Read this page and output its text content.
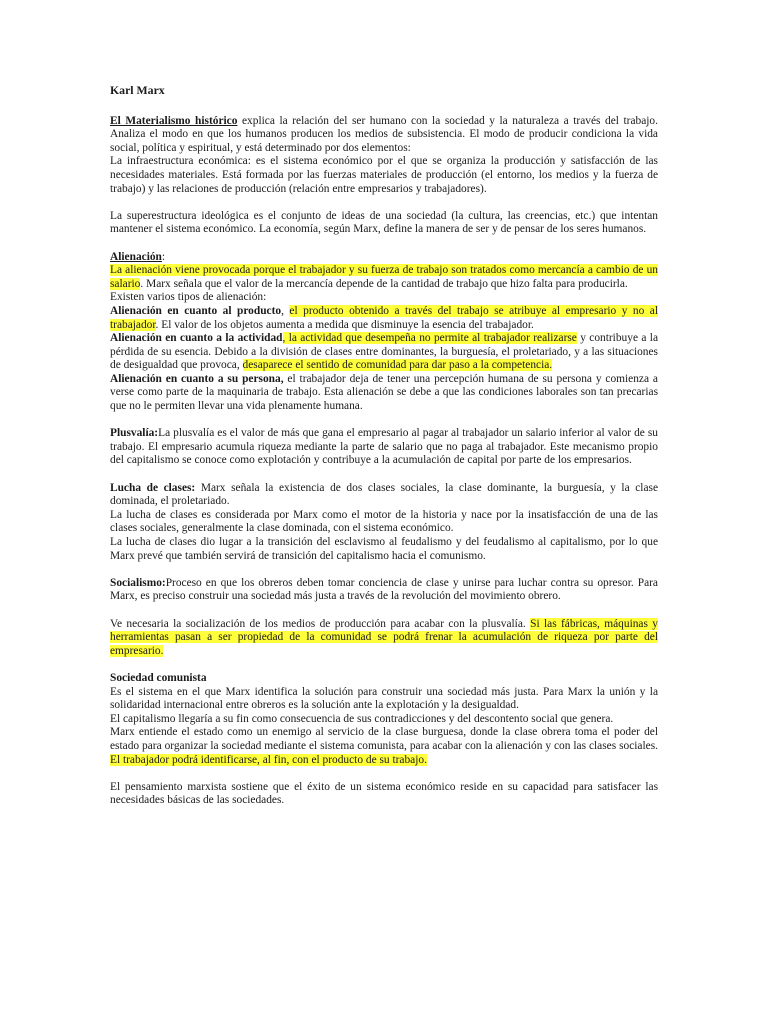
Karl Marx

El Materialismo histórico explica la relación del ser humano con la sociedad y la naturaleza a través del trabajo. Analiza el modo en que los humanos producen los medios de subsistencia. El modo de producir condiciona la vida social, política y espiritual, y está determinado por dos elementos:

La infraestructura económica: es el sistema económico por el que se organiza la producción y satisfacción de las necesidades materiales. Está formada por las fuerzas materiales de producción (el entorno, los medios y la fuerza de trabajo) y las relaciones de producción (relación entre empresarios y trabajadores).

La superestructura ideológica es el conjunto de ideas de una sociedad (la cultura, las creencias, etc.) que intentan mantener el sistema económico. La economía, según Marx, define la manera de ser y de pensar de los seres humanos.

Alienación:

La alienación viene provocada porque el trabajador y su fuerza de trabajo son tratados como mercancía a cambio de un salario. Marx señala que el valor de la mercancía depende de la cantidad de trabajo que hizo falta para producirla.

Existen varios tipos de alienación:

Alienación en cuanto al producto, el producto obtenido a través del trabajo se atribuye al empresario y no al trabajador. El valor de los objetos aumenta a medida que disminuye la esencia del trabajador.

Alienación en cuanto a la actividad, la actividad que desempeña no permite al trabajador realizarse y contribuye a la pérdida de su esencia. Debido a la división de clases entre dominantes, la burguesía, el proletariado, y a las situaciones de desigualdad que provoca, desaparece el sentido de comunidad para dar paso a la competencia.

Alienación en cuanto a su persona, el trabajador deja de tener una percepción humana de su persona y comienza a verse como parte de la maquinaria de trabajo. Esta alienación se debe a que las condiciones laborales son tan precarias que no le permiten llevar una vida plenamente humana.

Plusvalía:La plusvalía es el valor de más que gana el empresario al pagar al trabajador un salario inferior al valor de su trabajo. El empresario acumula riqueza mediante la parte de salario que no paga al trabajador. Este mecanismo propio del capitalismo se conoce como explotación y contribuye a la acumulación de capital por parte de los empresarios.

Lucha de clases: Marx señala la existencia de dos clases sociales, la clase dominante, la burguesía, y la clase dominada, el proletariado.

La lucha de clases es considerada por Marx como el motor de la historia y nace por la insatisfacción de una de las clases sociales, generalmente la clase dominada, con el sistema económico.

La lucha de clases dio lugar a la transición del esclavismo al feudalismo y del feudalismo al capitalismo, por lo que Marx prevé que también servirá de transición del capitalismo hacia el comunismo.

Socialismo:Proceso en que los obreros deben tomar conciencia de clase y unirse para luchar contra su opresor. Para Marx, es preciso construir una sociedad más justa a través de la revolución del movimiento obrero.

Ve necesaria la socialización de los medios de producción para acabar con la plusvalía. Si las fábricas, máquinas y herramientas pasan a ser propiedad de la comunidad se podrá frenar la acumulación de riqueza por parte del empresario.

Sociedad comunista

Es el sistema en el que Marx identifica la solución para construir una sociedad más justa. Para Marx la unión y la solidaridad internacional entre obreros es la solución ante la explotación y la desigualdad.

El capitalismo llegaría a su fin como consecuencia de sus contradicciones y del descontento social que genera.

Marx entiende el estado como un enemigo al servicio de la clase burguesa, donde la clase obrera toma el poder del estado para organizar la sociedad mediante el sistema comunista, para acabar con la alienación y con las clases sociales. El trabajador podrá identificarse, al fin, con el producto de su trabajo.

El pensamiento marxista sostiene que el éxito de un sistema económico reside en su capacidad para satisfacer las necesidades básicas de las sociedades.
